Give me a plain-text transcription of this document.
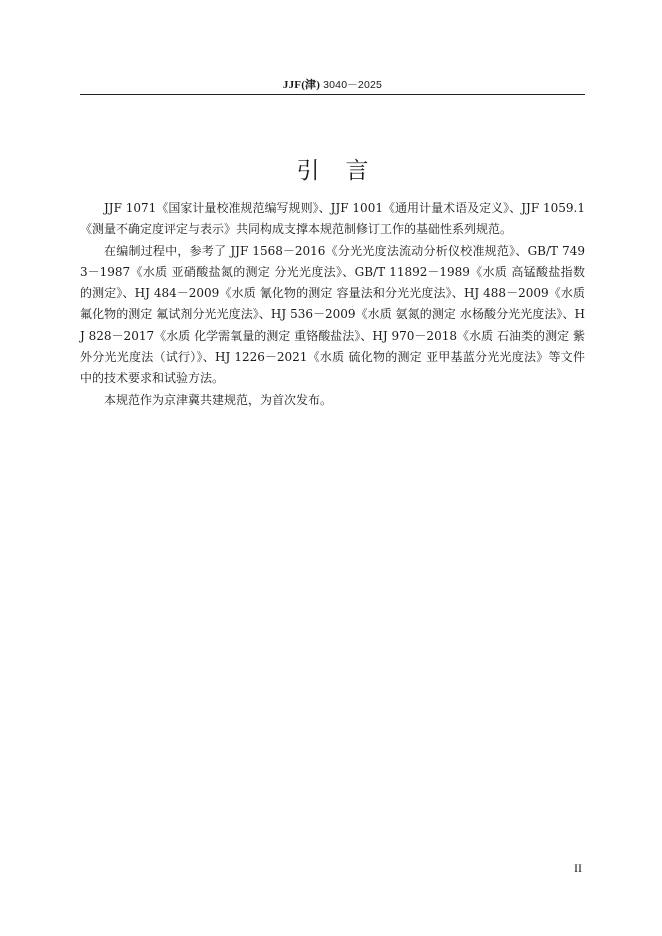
JJF(津) 3040－2025
引言

JJF 1071《国家计量校准规范编写规则》、JJF 1001《通用计量术语及定义》、JJF 1059.1《测量不确定度评定与表示》共同构成支撑本规范制修订工作的基础性系列规范。

在编制过程中，参考了 JJF 1568－2016《分光光度法流动分析仪校准规范》、GB/T 7493－1987《水质 亚硝酸盐氮的测定 分光光度法》、GB/T 11892－1989《水质 高锰酸盐指数的测定》、HJ 484－2009《水质 氰化物的测定 容量法和分光光度法》、HJ 488－2009《水质 氟化物的测定 氟试剂分光光度法》、HJ 536－2009《水质 氨氮的测定 水杨酸分光光度法》、HJ 828－2017《水质 化学需氧量的测定 重铬酸盐法》、HJ 970－2018《水质 石油类的测定 紫外分光光度法（试行）》、HJ 1226－2021《水质 硫化物的测定 亚甲基蓝分光光度法》等文件中的技术要求和试验方法。

本规范作为京津冀共建规范，为首次发布。

II
